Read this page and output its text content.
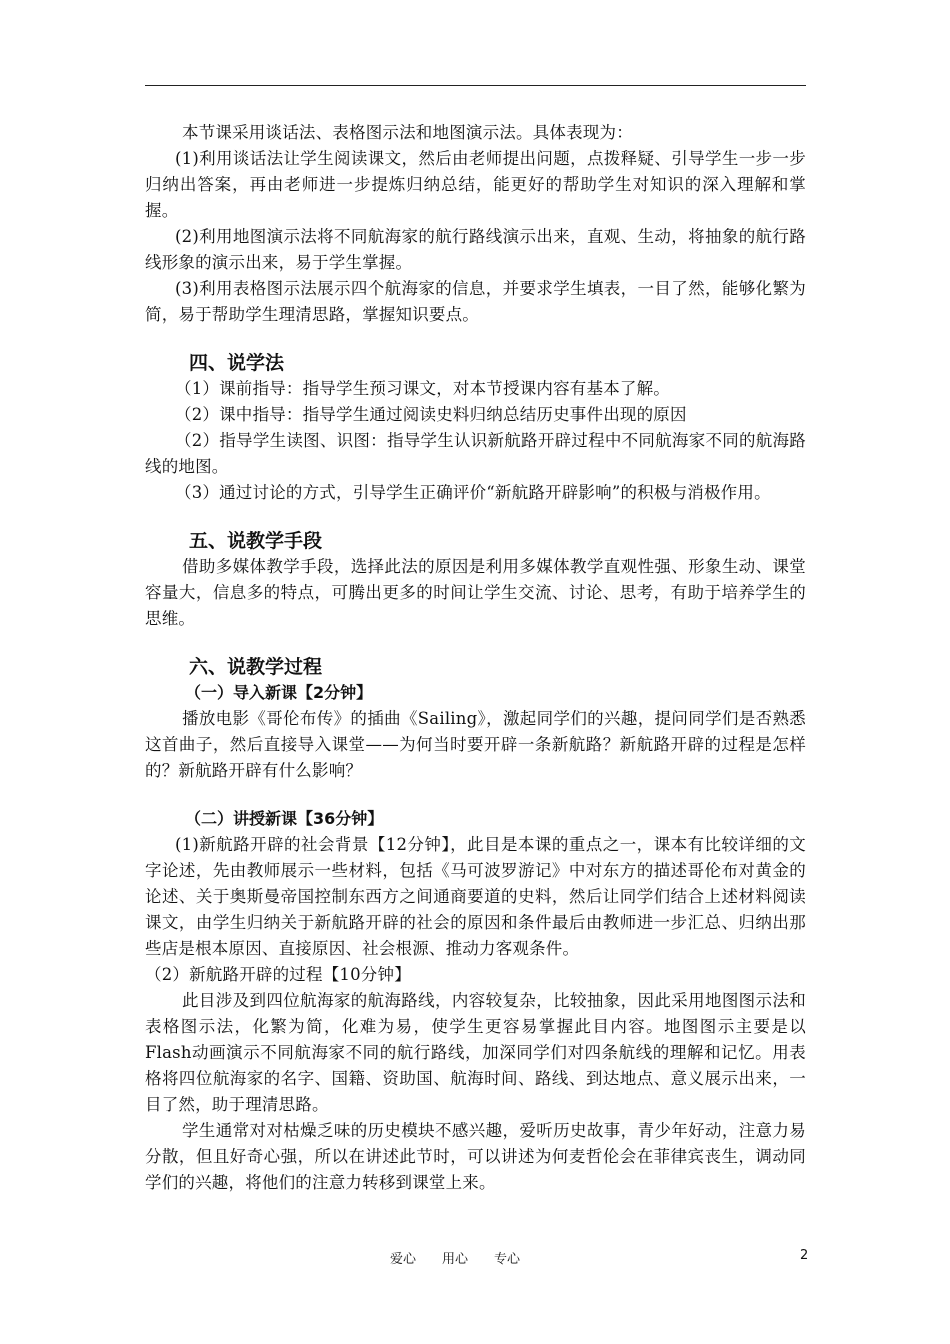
本节课采用谈话法、表格图示法和地图演示法。具体表现为：

(1)利用谈话法让学生阅读课文，然后由老师提出问题，点拨释疑、引导学生一步一步归纳出答案，再由老师进一步提炼归纳总结，能更好的帮助学生对知识的深入理解和掌握。

(2)利用地图演示法将不同航海家的航行路线演示出来，直观、生动，将抽象的航行路线形象的演示出来，易于学生掌握。

(3)利用表格图示法展示四个航海家的信息，并要求学生填表，一目了然，能够化繁为简，易于帮助学生理清思路，掌握知识要点。

四、说学法

（1）课前指导：指导学生预习课文，对本节授课内容有基本了解。

（2）课中指导：指导学生通过阅读史料归纳总结历史事件出现的原因

（2）指导学生读图、识图：指导学生认识新航路开辟过程中不同航海家不同的航海路线的地图。

（3）通过讨论的方式，引导学生正确评价“新航路开辟影响”的积极与消极作用。

五、说教学手段

借助多媒体教学手段，选择此法的原因是利用多媒体教学直观性强、形象生动、课堂容量大，信息多的特点，可腾出更多的时间让学生交流、讨论、思考，有助于培养学生的思维。

六、说教学过程
（一）导入新课【2分钟】

播放电影《哥伦布传》的插曲《Sailing》，激起同学们的兴趣，提问同学们是否熟悉这首曲子，然后直接导入课堂——为何当时要开辟一条新航路？新航路开辟的过程是怎样的？新航路开辟有什么影响？

（二）讲授新课【36分钟】

(1)新航路开辟的社会背景【12分钟】，此目是本课的重点之一，课本有比较详细的文字论述，先由教师展示一些材料，包括《马可波罗游记》中对东方的描述哥伦布对黄金的论述、关于奥斯曼帝国控制东西方之间通商要道的史料，然后让同学们结合上述材料阅读课文，由学生归纳关于新航路开辟的社会的原因和条件最后由教师进一步汇总、归纳出那些店是根本原因、直接原因、社会根源、推动力客观条件。

（2）新航路开辟的过程【10分钟】

此目涉及到四位航海家的航海路线，内容较复杂，比较抽象，因此采用地图图示法和表格图示法，化繁为简，化难为易，使学生更容易掌握此目内容。地图图示主要是以Flash动画演示不同航海家不同的航行路线，加深同学们对四条航线的理解和记忆。用表格将四位航海家的名字、国籍、资助国、航海时间、路线、到达地点、意义展示出来，一目了然，助于理清思路。

学生通常对对枯燥乏味的历史模块不感兴趣，爱听历史故事，青少年好动，注意力易分散，但且好奇心强，所以在讲述此节时，可以讲述为何麦哲伦会在菲律宾丧生，调动同学们的兴趣，将他们的注意力转移到课堂上来。

爱心 用心 专心	2
